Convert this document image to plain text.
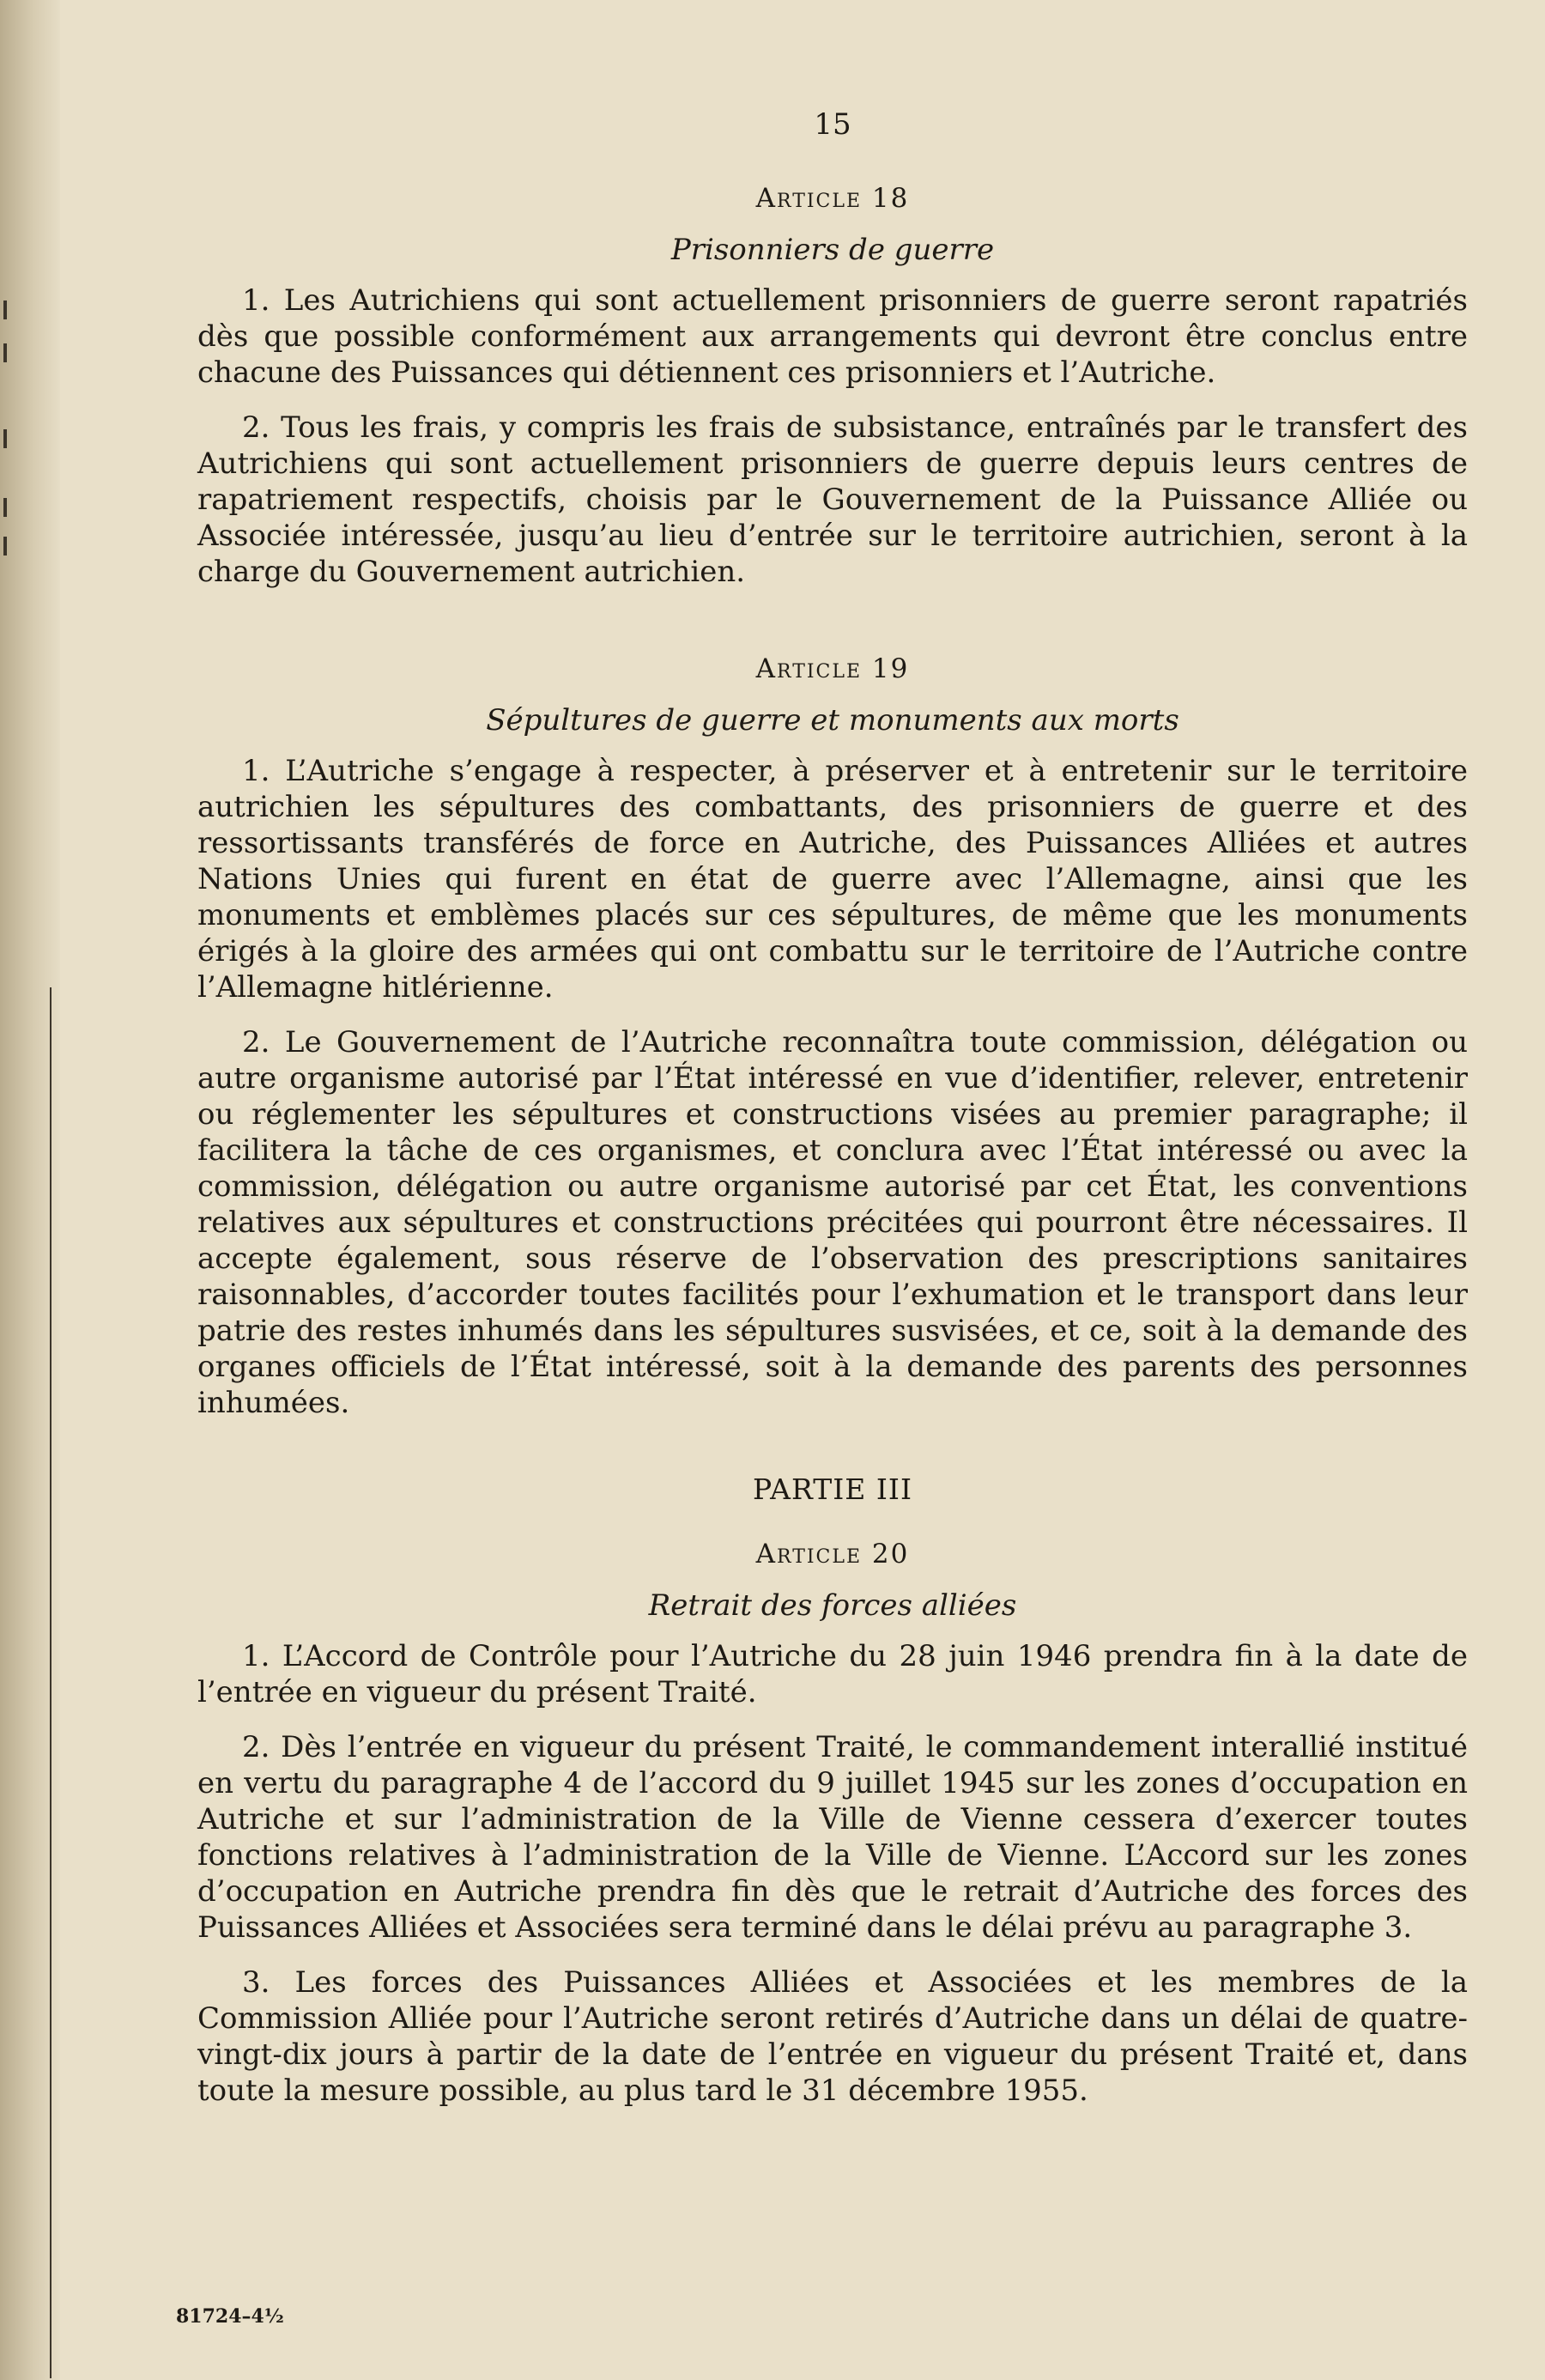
15
Article 18
Prisonniers de guerre

1. Les Autrichiens qui sont actuellement prisonniers de guerre seront rapatriés dès que possible conformément aux arrangements qui devront être conclus entre chacune des Puissances qui détiennent ces prisonniers et l’Autriche.

2. Tous les frais, y compris les frais de subsistance, entraînés par le transfert des Autrichiens qui sont actuellement prisonniers de guerre depuis leurs centres de rapatriement respectifs, choisis par le Gouvernement de la Puissance Alliée ou Associée intéressée, jusqu’au lieu d’entrée sur le territoire autrichien, seront à la charge du Gouvernement autrichien.

Article 19
Sépultures de guerre et monuments aux morts

1. L’Autriche s’engage à respecter, à préserver et à entretenir sur le territoire autrichien les sépultures des combattants, des prisonniers de guerre et des ressortissants transférés de force en Autriche, des Puissances Alliées et autres Nations Unies qui furent en état de guerre avec l’Allemagne, ainsi que les monuments et emblèmes placés sur ces sépultures, de même que les monuments érigés à la gloire des armées qui ont combattu sur le territoire de l’Autriche contre l’Allemagne hitlérienne.

2. Le Gouvernement de l’Autriche reconnaîtra toute commission, délégation ou autre organisme autorisé par l’État intéressé en vue d’identifier, relever, entretenir ou réglementer les sépultures et constructions visées au premier paragraphe; il facilitera la tâche de ces organismes, et conclura avec l’État intéressé ou avec la commission, délégation ou autre organisme autorisé par cet État, les conventions relatives aux sépultures et constructions précitées qui pourront être nécessaires. Il accepte également, sous réserve de l’observation des prescriptions sanitaires raisonnables, d’accorder toutes facilités pour l’exhumation et le transport dans leur patrie des restes inhumés dans les sépultures susvisées, et ce, soit à la demande des organes officiels de l’État intéressé, soit à la demande des parents des personnes inhumées.

PARTIE III
Article 20
Retrait des forces alliées

1. L’Accord de Contrôle pour l’Autriche du 28 juin 1946 prendra fin à la date de l’entrée en vigueur du présent Traité.

2. Dès l’entrée en vigueur du présent Traité, le commandement interallié institué en vertu du paragraphe 4 de l’accord du 9 juillet 1945 sur les zones d’occupation en Autriche et sur l’administration de la Ville de Vienne cessera d’exercer toutes fonctions relatives à l’administration de la Ville de Vienne. L’Accord sur les zones d’occupation en Autriche prendra fin dès que le retrait d’Autriche des forces des Puissances Alliées et Associées sera terminé dans le délai prévu au paragraphe 3.

3. Les forces des Puissances Alliées et Associées et les membres de la Commission Alliée pour l’Autriche seront retirés d’Autriche dans un délai de quatre-vingt-dix jours à partir de la date de l’entrée en vigueur du présent Traité et, dans toute la mesure possible, au plus tard le 31 décembre 1955.

81724–4½
